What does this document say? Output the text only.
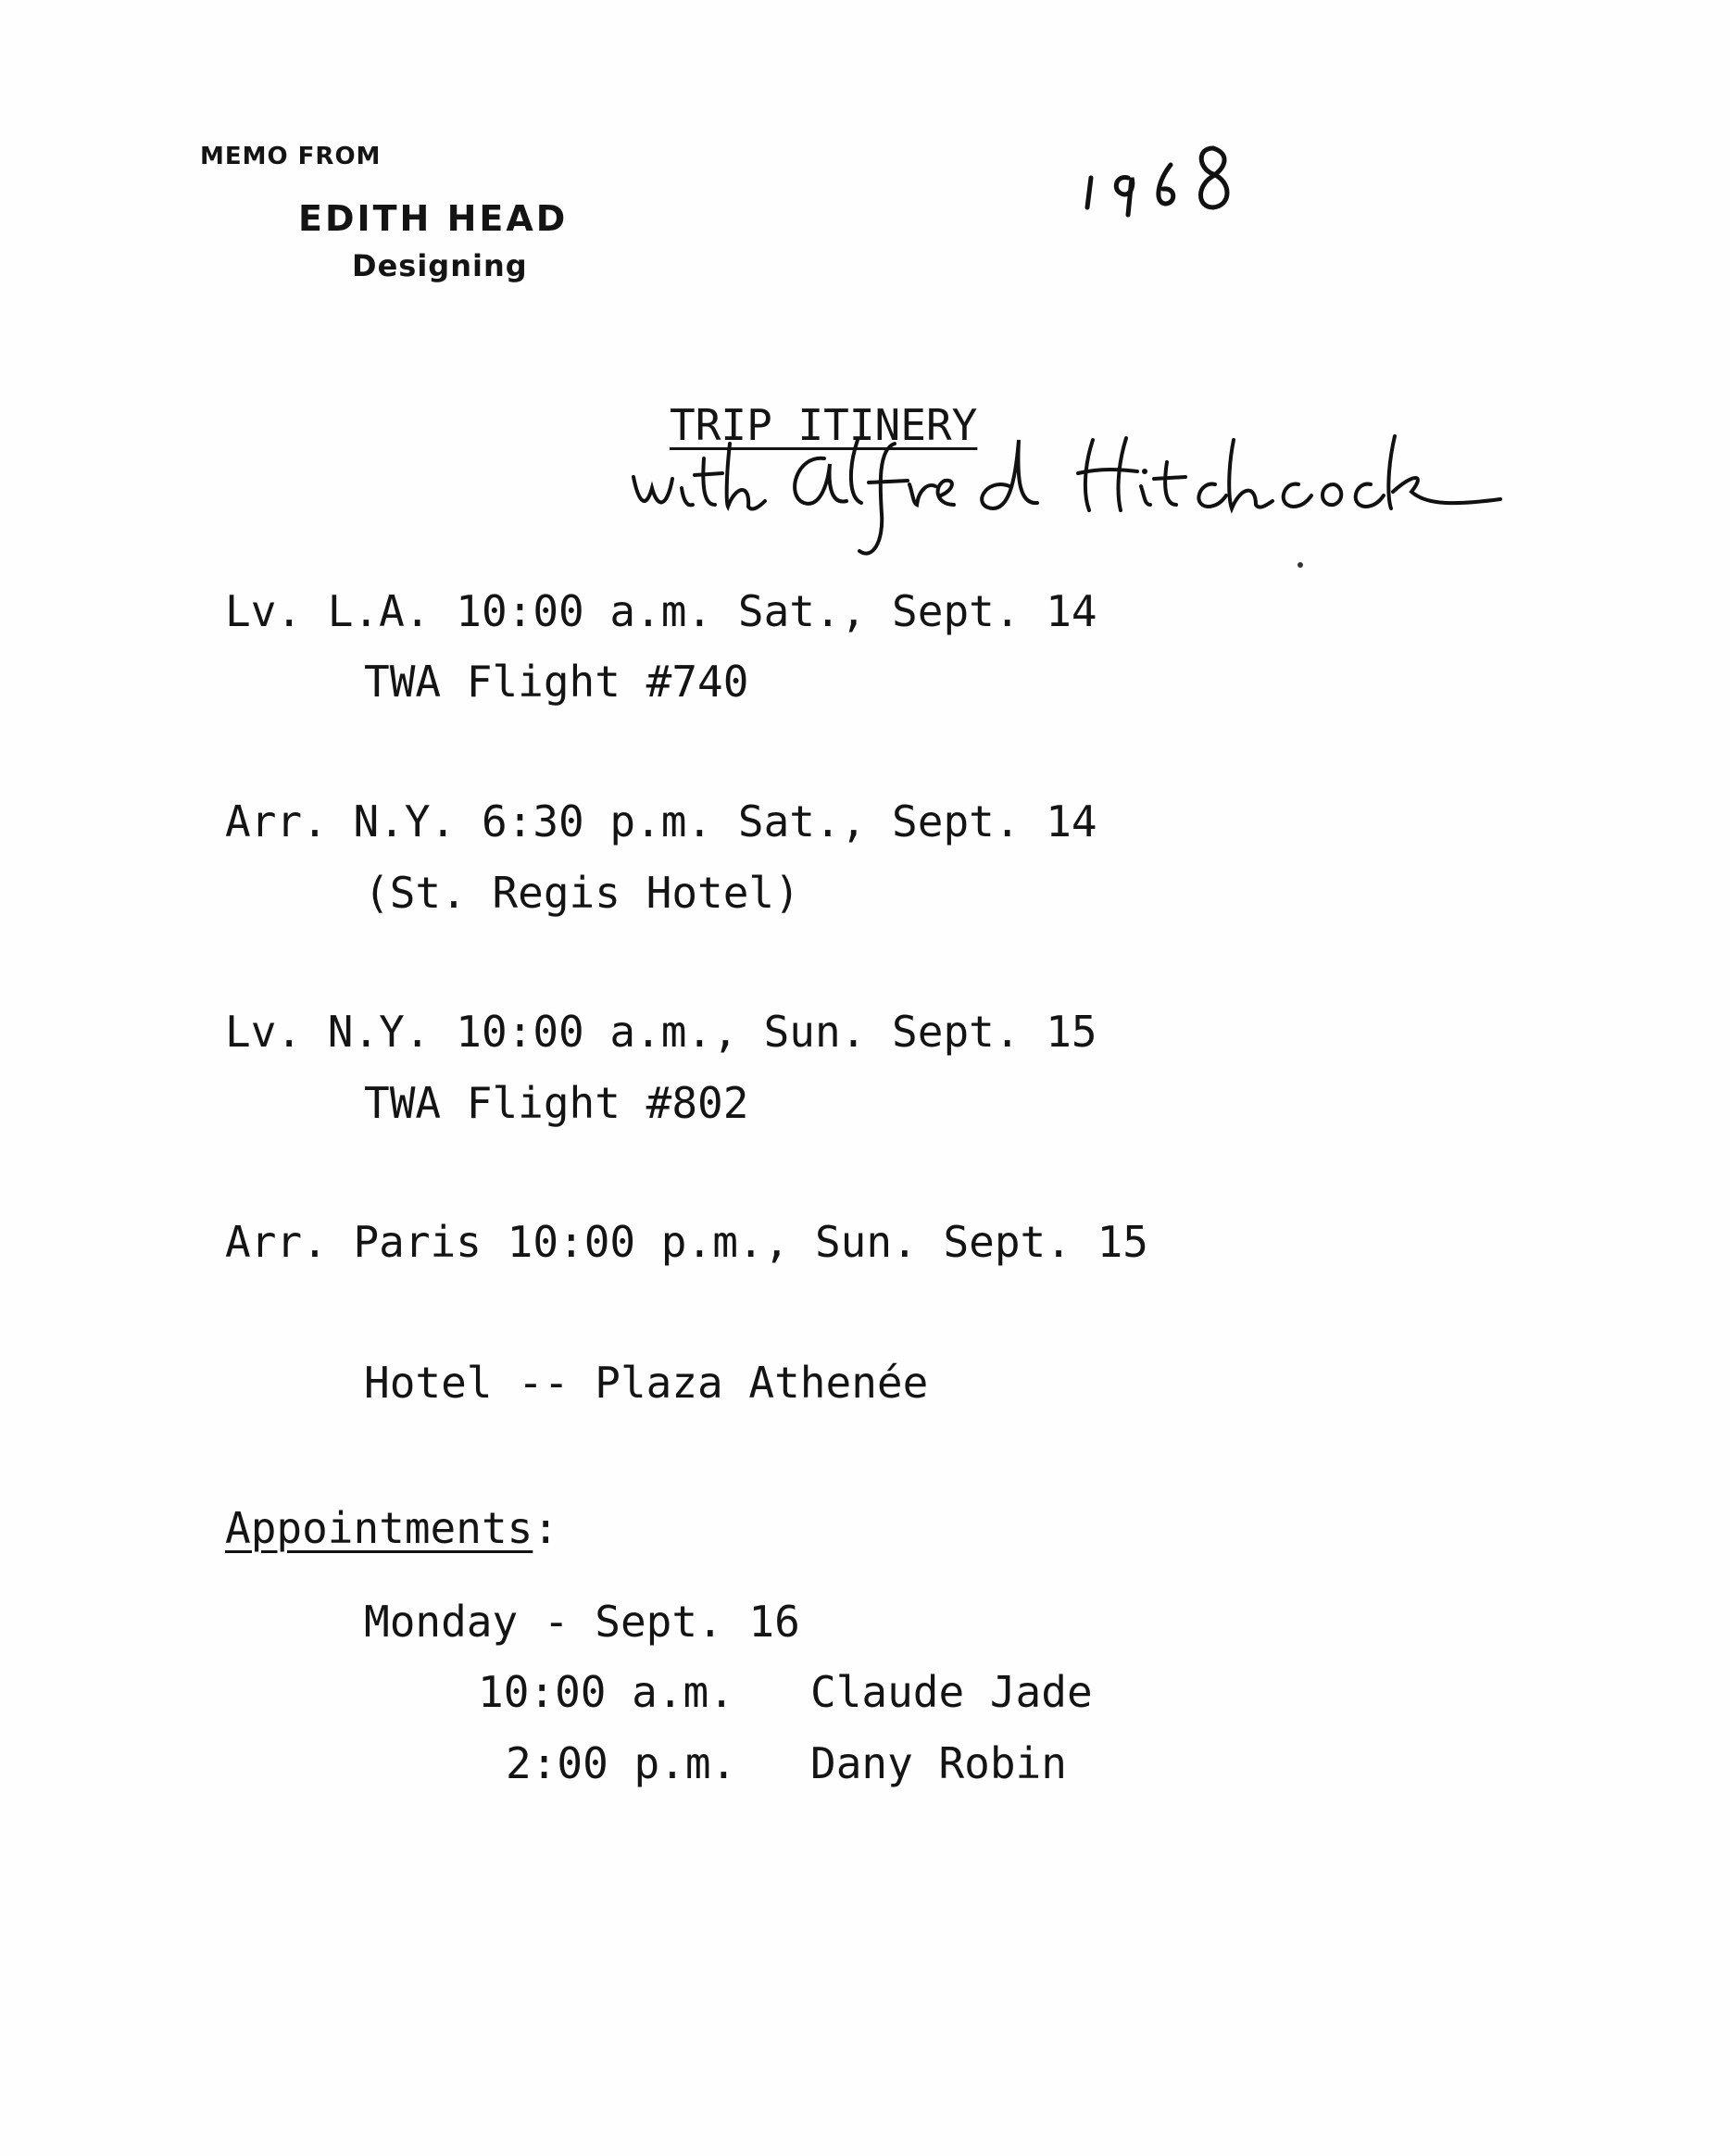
MEMO FROM
EDITH HEAD
Designing
TRIP ITINERY
Lv. L.A. 10:00 a.m. Sat., Sept. 14
TWA Flight #740
Arr. N.Y. 6:30 p.m. Sat., Sept. 14
(St. Regis Hotel)
Lv. N.Y. 10:00 a.m., Sun. Sept. 15
TWA Flight #802
Arr. Paris 10:00 p.m., Sun. Sept. 15
Hotel -- Plaza Athenée
Appointments:
Monday - Sept. 16
10:00 a.m. Claude Jade
2:00 p.m. Dany Robin
